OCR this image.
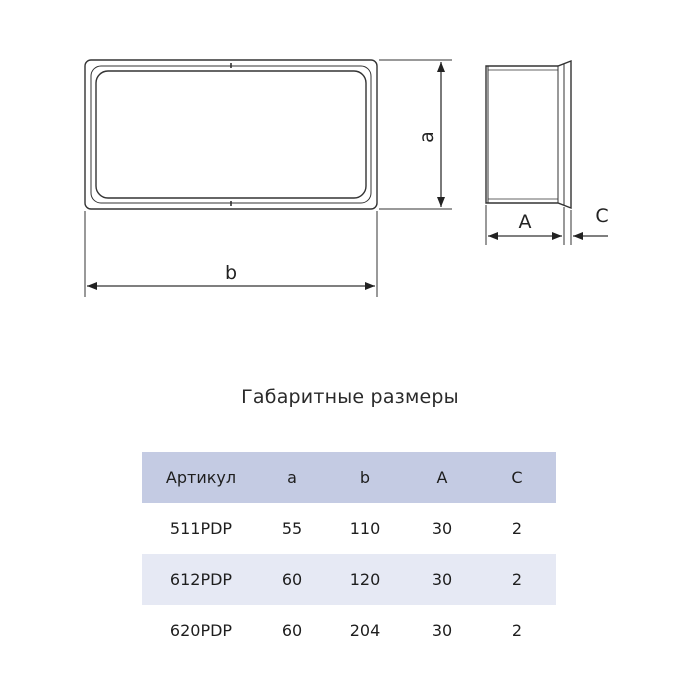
a
b
A	C
Габаритные размеры
Артикул	a	b	A	C
511PDP	55	110	30	2
612PDP	60	120	30	2
620PDP	60	204	30	2
